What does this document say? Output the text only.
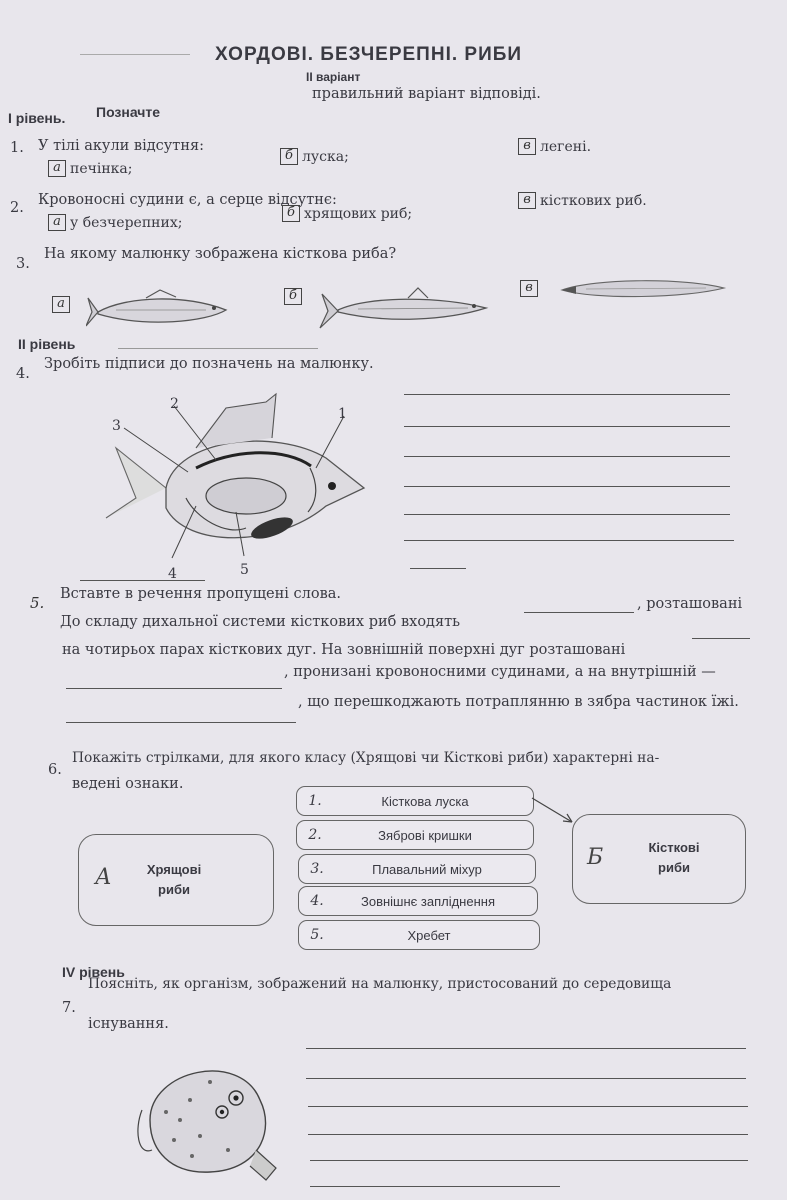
ХОРДОВІ. БЕЗЧЕРЕПНІ. РИБИ
II варіант
І рівень. Позначте
правильний варіант відповіді.
1. У тілі акули відсутня:
а печінка;
б луска;
в легені.
2. Кровоносні судини є, а серце відсутнє:
а у безчерепних;
б хрящових риб;
в кісткових риб.
3.
На якому малюнку зображена кісткова риба?
а
б
в
ІІ рівень
4.
Зробіть підписи до позначень на малюнку.
1
2
3
4	5
5. Вставте в речення пропущені слова.
До складу дихальної системи кісткових риб входять
, розташовані
на чотирьох парах кісткових дуг. На зовнішній поверхні дуг розташовані
, пронизані кровоносними судинами, а на внутрішній —
, що перешкоджають потраплянню в зябра частинок їжі.
6.
Покажіть стрілками, для якого класу (Хрящові чи Кісткові риби) характерні на-
ведені ознаки.
А	Хрящові
риби
1.	Кісткова луска
2.	Зяброві кришки
3.	Плавальний міхур
4.	Зовнішнє запліднення
5.	Хребет
Б	Кісткові
риби
IV рівень
7.
Поясніть, як організм, зображений на малюнку, пристосований до середовища
існування.
